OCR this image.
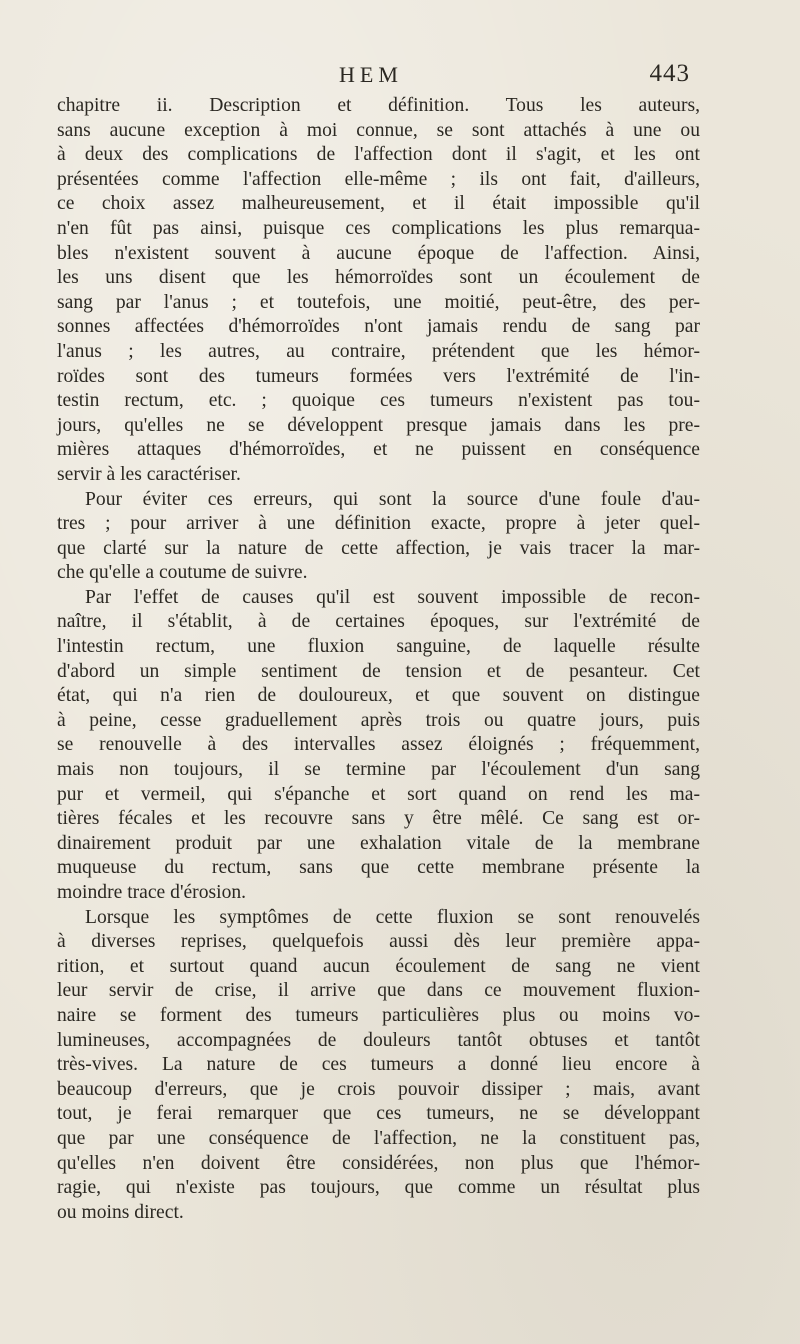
HEM	443
chapitre ii. Description et définition. Tous les auteurs,
sans aucune exception à moi connue, se sont attachés à une ou
à deux des complications de l'affection dont il s'agit, et les ont
présentées comme l'affection elle-même ; ils ont fait, d'ailleurs,
ce choix assez malheureusement, et il était impossible qu'il
n'en fût pas ainsi, puisque ces complications les plus remarqua-
bles n'existent souvent à aucune époque de l'affection. Ainsi,
les uns disent que les hémorroïdes sont un écoulement de
sang par l'anus ; et toutefois, une moitié, peut-être, des per-
sonnes affectées d'hémorroïdes n'ont jamais rendu de sang par
l'anus ; les autres, au contraire, prétendent que les hémor-
roïdes sont des tumeurs formées vers l'extrémité de l'in-
testin rectum, etc. ; quoique ces tumeurs n'existent pas tou-
jours, qu'elles ne se développent presque jamais dans les pre-
mières attaques d'hémorroïdes, et ne puissent en conséquence
servir à les caractériser.
Pour éviter ces erreurs, qui sont la source d'une foule d'au-
tres ; pour arriver à une définition exacte, propre à jeter quel-
que clarté sur la nature de cette affection, je vais tracer la mar-
che qu'elle a coutume de suivre.
Par l'effet de causes qu'il est souvent impossible de recon-
naître, il s'établit, à de certaines époques, sur l'extrémité de
l'intestin rectum, une fluxion sanguine, de laquelle résulte
d'abord un simple sentiment de tension et de pesanteur. Cet
état, qui n'a rien de douloureux, et que souvent on distingue
à peine, cesse graduellement après trois ou quatre jours, puis
se renouvelle à des intervalles assez éloignés ; fréquemment,
mais non toujours, il se termine par l'écoulement d'un sang
pur et vermeil, qui s'épanche et sort quand on rend les ma-
tières fécales et les recouvre sans y être mêlé. Ce sang est or-
dinairement produit par une exhalation vitale de la membrane
muqueuse du rectum, sans que cette membrane présente la
moindre trace d'érosion.
Lorsque les symptômes de cette fluxion se sont renouvelés
à diverses reprises, quelquefois aussi dès leur première appa-
rition, et surtout quand aucun écoulement de sang ne vient
leur servir de crise, il arrive que dans ce mouvement fluxion-
naire se forment des tumeurs particulières plus ou moins vo-
lumineuses, accompagnées de douleurs tantôt obtuses et tantôt
très-vives. La nature de ces tumeurs a donné lieu encore à
beaucoup d'erreurs, que je crois pouvoir dissiper ; mais, avant
tout, je ferai remarquer que ces tumeurs, ne se développant
que par une conséquence de l'affection, ne la constituent pas,
qu'elles n'en doivent être considérées, non plus que l'hémor-
ragie, qui n'existe pas toujours, que comme un résultat plus
ou moins direct.
